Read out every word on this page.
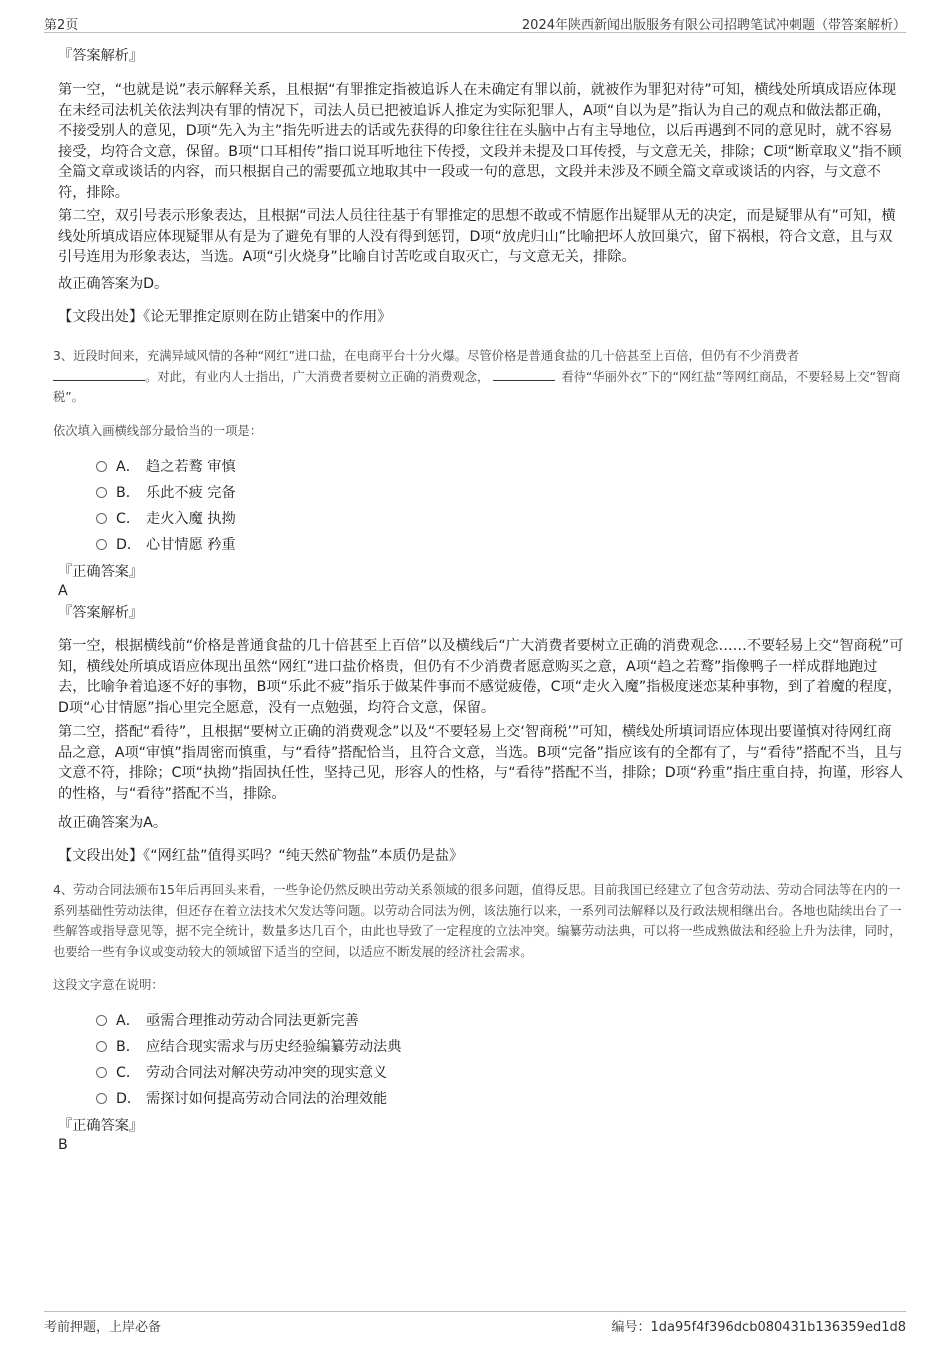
第2页	2024年陕西新闻出版服务有限公司招聘笔试冲刺题（带答案解析）
『答案解析』
第一空，“也就是说”表示解释关系，且根据“有罪推定指被追诉人在未确定有罪以前，就被作为罪犯对待”可知，横线处所填成语应体现在未经司法机关依法判决有罪的情况下，司法人员已把被追诉人推定为实际犯罪人，A项“自以为是”指认为自己的观点和做法都正确，不接受别人的意见，D项“先入为主”指先听进去的话或先获得的印象往往在头脑中占有主导地位，以后再遇到不同的意见时，就不容易接受，均符合文意，保留。B项“口耳相传”指口说耳听地往下传授，文段并未提及口耳传授，与文意无关，排除；C项“断章取义”指不顾全篇文章或谈话的内容，而只根据自己的需要孤立地取其中一段或一句的意思，文段并未涉及不顾全篇文章或谈话的内容，与文意不符，排除。
第二空，双引号表示形象表达，且根据“司法人员往往基于有罪推定的思想不敢或不情愿作出疑罪从无的决定，而是疑罪从有”可知，横线处所填成语应体现疑罪从有是为了避免有罪的人没有得到惩罚，D项“放虎归山”比喻把坏人放回巢穴，留下祸根，符合文意，且与双引号连用为形象表达，当选。A项“引火烧身”比喻自讨苦吃或自取灭亡，与文意无关，排除。
故正确答案为D。
【文段出处】《论无罪推定原则在防止错案中的作用》
3、近段时间来，充满异域风情的各种“网红”进口盐，在电商平台十分火爆。尽管价格是普通食盐的几十倍甚至上百倍，但仍有不少消费者
。对此，有业内人士指出，广大消费者要树立正确的消费观念，	看待“华丽外衣”下的“网红盐”等网红商品，不要轻易上交“智商税”。
依次填入画横线部分最恰当的一项是：
A． 趋之若鹜 审慎
B． 乐此不疲 完备
C． 走火入魔 执拗
D． 心甘情愿 矜重
『正确答案』
A
『答案解析』
第一空，根据横线前“价格是普通食盐的几十倍甚至上百倍”以及横线后“广大消费者要树立正确的消费观念……不要轻易上交“智商税”可知，横线处所填成语应体现出虽然“网红”进口盐价格贵，但仍有不少消费者愿意购买之意，A项“趋之若鹜”指像鸭子一样成群地跑过去，比喻争着追逐不好的事物，B项“乐此不疲”指乐于做某件事而不感觉疲倦，C项“走火入魔”指极度迷恋某种事物，到了着魔的程度，D项“心甘情愿”指心里完全愿意，没有一点勉强，均符合文意，保留。
第二空，搭配“看待”，且根据“要树立正确的消费观念”以及“不要轻易上交‘智商税’”可知，横线处所填词语应体现出要谨慎对待网红商品之意，A项“审慎”指周密而慎重，与“看待”搭配恰当，且符合文意，当选。B项“完备”指应该有的全都有了，与“看待”搭配不当，且与文意不符，排除；C项“执拗”指固执任性，坚持己见，形容人的性格，与“看待”搭配不当，排除；D项“矜重”指庄重自持，拘谨，形容人的性格，与“看待”搭配不当，排除。
故正确答案为A。
【文段出处】《“网红盐”值得买吗？“纯天然矿物盐”本质仍是盐》
4、劳动合同法颁布15年后再回头来看，一些争论仍然反映出劳动关系领域的很多问题，值得反思。目前我国已经建立了包含劳动法、劳动合同法等在内的一系列基础性劳动法律，但还存在着立法技术欠发达等问题。以劳动合同法为例，该法施行以来，一系列司法解释以及行政法规相继出台。各地也陆续出台了一些解答或指导意见等，据不完全统计，数量多达几百个，由此也导致了一定程度的立法冲突。编纂劳动法典，可以将一些成熟做法和经验上升为法律，同时，也要给一些有争议或变动较大的领域留下适当的空间，以适应不断发展的经济社会需求。
这段文字意在说明：
A． 亟需合理推动劳动合同法更新完善
B． 应结合现实需求与历史经验编纂劳动法典
C． 劳动合同法对解决劳动冲突的现实意义
D． 需探讨如何提高劳动合同法的治理效能
『正确答案』
B
考前押题，上岸必备	编号：1da95f4f396dcb080431b136359ed1d8
